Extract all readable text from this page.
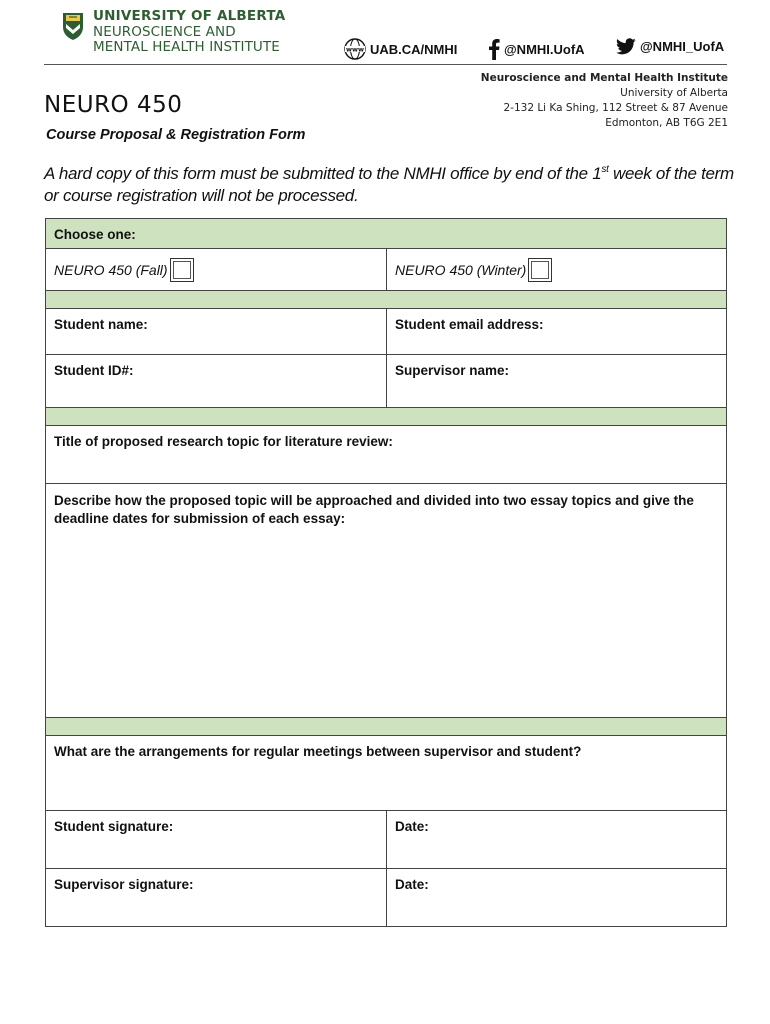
UNIVERSITY OF ALBERTA
NEUROSCIENCE AND
MENTAL HEALTH INSTITUTE	www UAB.CA/NMHI	@NMHI.UofA	@NMHI_UofA
Neuroscience and Mental Health Institute
University of Alberta
2-132 Li Ka Shing, 112 Street & 87 Avenue
Edmonton, AB T6G 2E1
NEURO 450
Course Proposal & Registration Form
A hard copy of this form must be submitted to the NMHI office by end of the 1st week of the term or course registration will not be processed.
Choose one:
NEURO 450 (Fall)	NEURO 450 (Winter)
Student name:	Student email address:
Student ID#:	Supervisor name:
Title of proposed research topic for literature review:
Describe how the proposed topic will be approached and divided into two essay topics and give the deadline dates for submission of each essay:
What are the arrangements for regular meetings between supervisor and student?
Student signature:	Date:
Supervisor signature:	Date:
